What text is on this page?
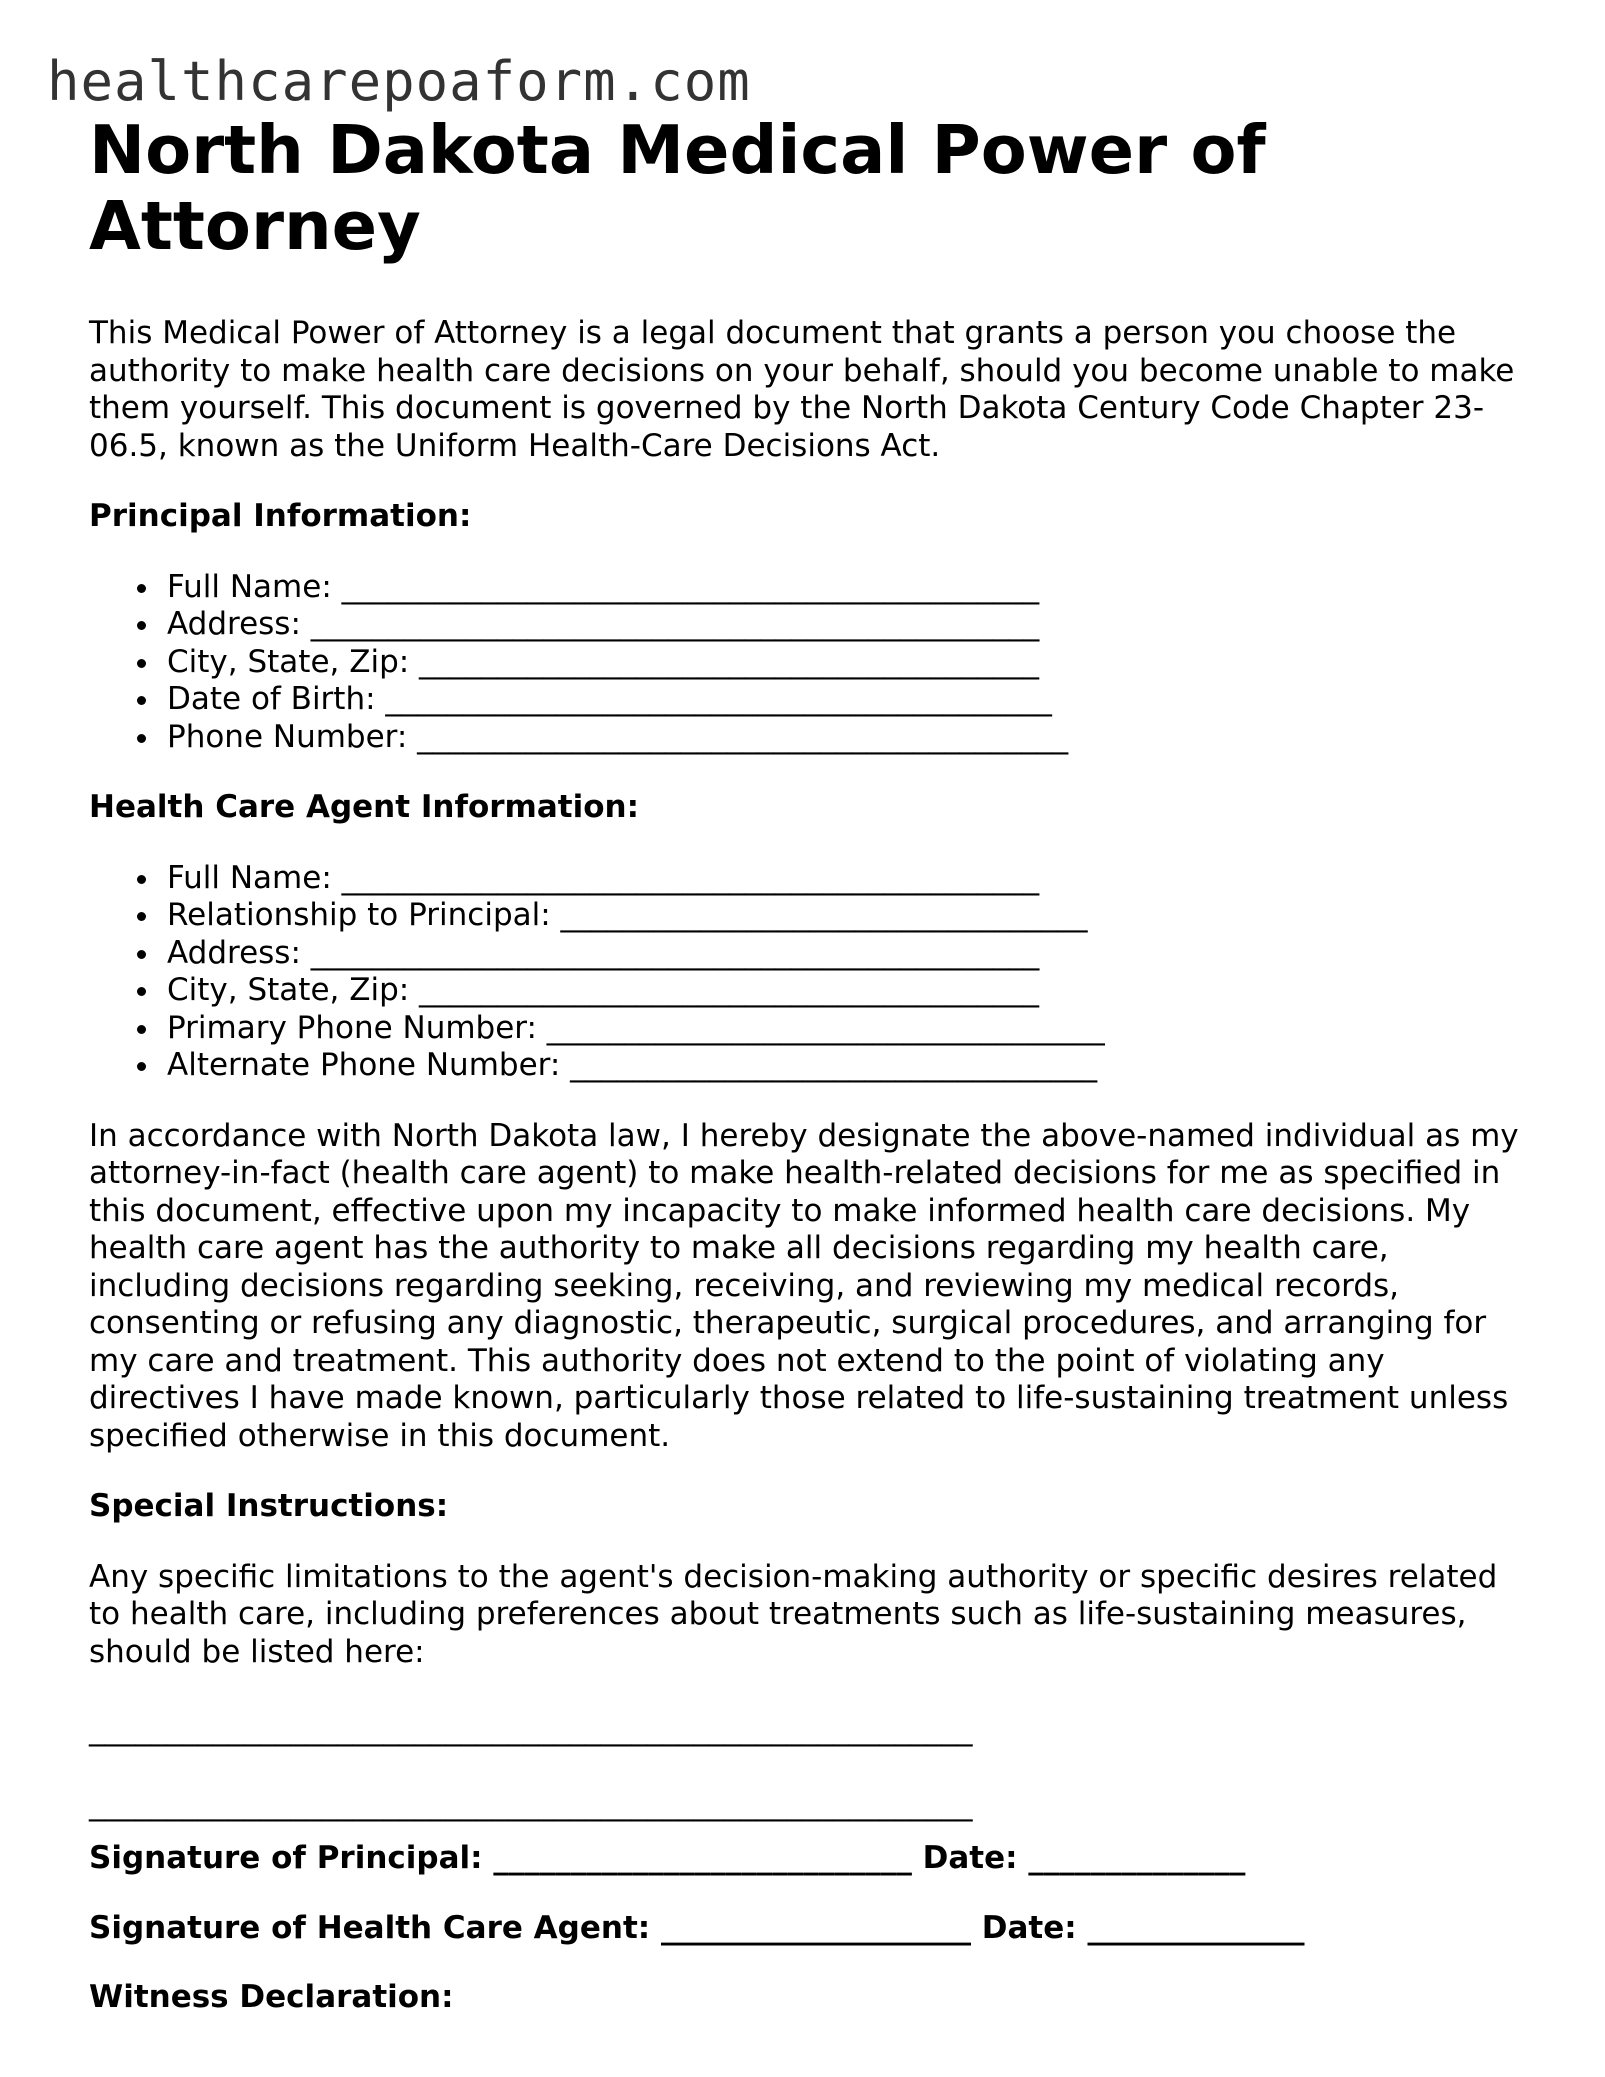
healthcarepoaform.com
North Dakota Medical Power of Attorney

This Medical Power of Attorney is a legal document that grants a person you choose the authority to make health care decisions on your behalf, should you become unable to make them yourself. This document is governed by the North Dakota Century Code Chapter 23-06.5, known as the Uniform Health-Care Decisions Act.

Principal Information:
Full Name: _____________________________________________
Address: _______________________________________________
City, State, Zip: ________________________________________
Date of Birth: ___________________________________________
Phone Number: __________________________________________
Health Care Agent Information:
Full Name: _____________________________________________
Relationship to Principal: __________________________________
Address: _______________________________________________
City, State, Zip: ________________________________________
Primary Phone Number: ____________________________________
Alternate Phone Number: __________________________________

In accordance with North Dakota law, I hereby designate the above-named individual as my attorney-in-fact (health care agent) to make health-related decisions for me as specified in this document, effective upon my incapacity to make informed health care decisions. My health care agent has the authority to make all decisions regarding my health care, including decisions regarding seeking, receiving, and reviewing my medical records, consenting or refusing any diagnostic, therapeutic, surgical procedures, and arranging for my care and treatment. This authority does not extend to the point of violating any directives I have made known, particularly those related to life-sustaining treatment unless specified otherwise in this document.

Special Instructions:

Any specific limitations to the agent's decision-making authority or specific desires related to health care, including preferences about treatments such as life-sustaining measures, should be listed here:

_________________________________________________________
_________________________________________________________
Signature of Principal: ___________________________ Date: ______________
Signature of Health Care Agent: ____________________ Date: ______________
Witness Declaration:
